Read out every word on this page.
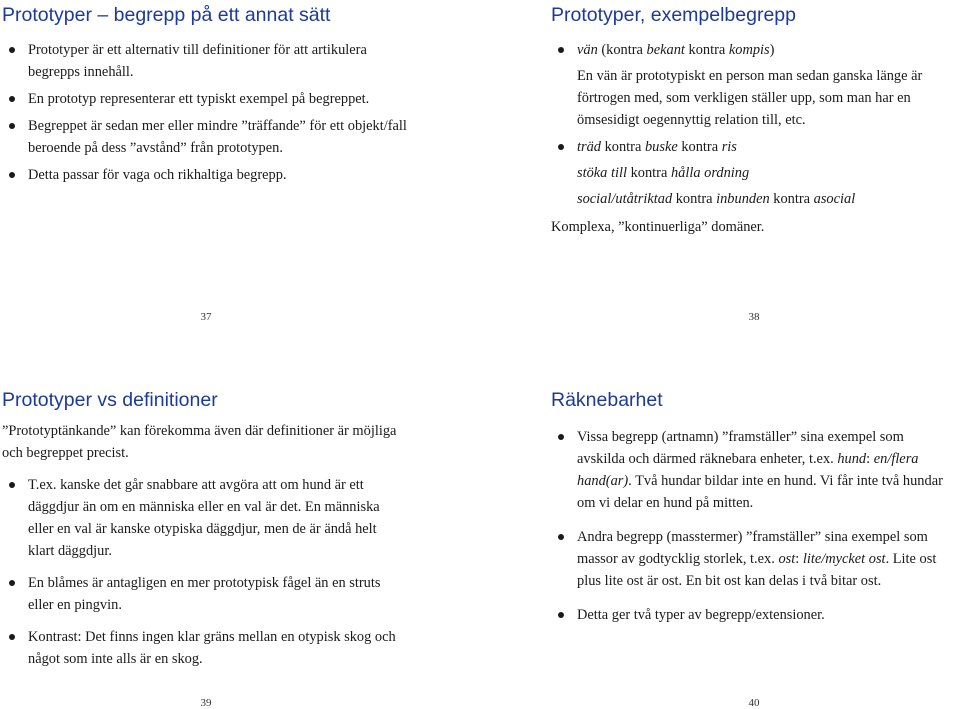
Prototyper – begrepp på ett annat sätt
Prototyper är ett alternativ till definitioner för att artikulera begrepps innehåll.
En prototyp representerar ett typiskt exempel på begreppet.
Begreppet är sedan mer eller mindre ”träffande” för ett objekt/fall beroende på dess ”avstånd” från prototypen.
Detta passar för vaga och rikhaltiga begrepp.
37
Prototyper, exempelbegrepp
vän (kontra bekant kontra kompis)
En vän är prototypiskt en person man sedan ganska länge är förtrogen med, som verkligen ställer upp, som man har en ömsesidigt oegennyttig relation till, etc.
träd kontra buske kontra ris
stöka till kontra hålla ordning
social/utåtriktad kontra inbunden kontra asocial
Komplexa, ”kontinuerliga” domäner.
38
Prototyper vs definitioner
”Prototyptänkande” kan förekomma även där definitioner är möjliga och begreppet precist.
T.ex. kanske det går snabbare att avgöra att om hund är ett däggdjur än om en människa eller en val är det. En människa eller en val är kanske otypiska däggdjur, men de är ändå helt klart däggdjur.
En blåmes är antagligen en mer prototypisk fågel än en struts eller en pingvin.
Kontrast: Det finns ingen klar gräns mellan en otypisk skog och något som inte alls är en skog.
39
Räknebarhet
Vissa begrepp (artnamn) ”framställer” sina exempel som avskilda och därmed räknebara enheter, t.ex. hund: en/flera hand(ar). Två hundar bildar inte en hund. Vi får inte två hundar om vi delar en hund på mitten.
Andra begrepp (masstermer) ”framställer” sina exempel som massor av godtycklig storlek, t.ex. ost: lite/mycket ost. Lite ost plus lite ost är ost. En bit ost kan delas i två bitar ost.
Detta ger två typer av begrepp/extensioner.
40
